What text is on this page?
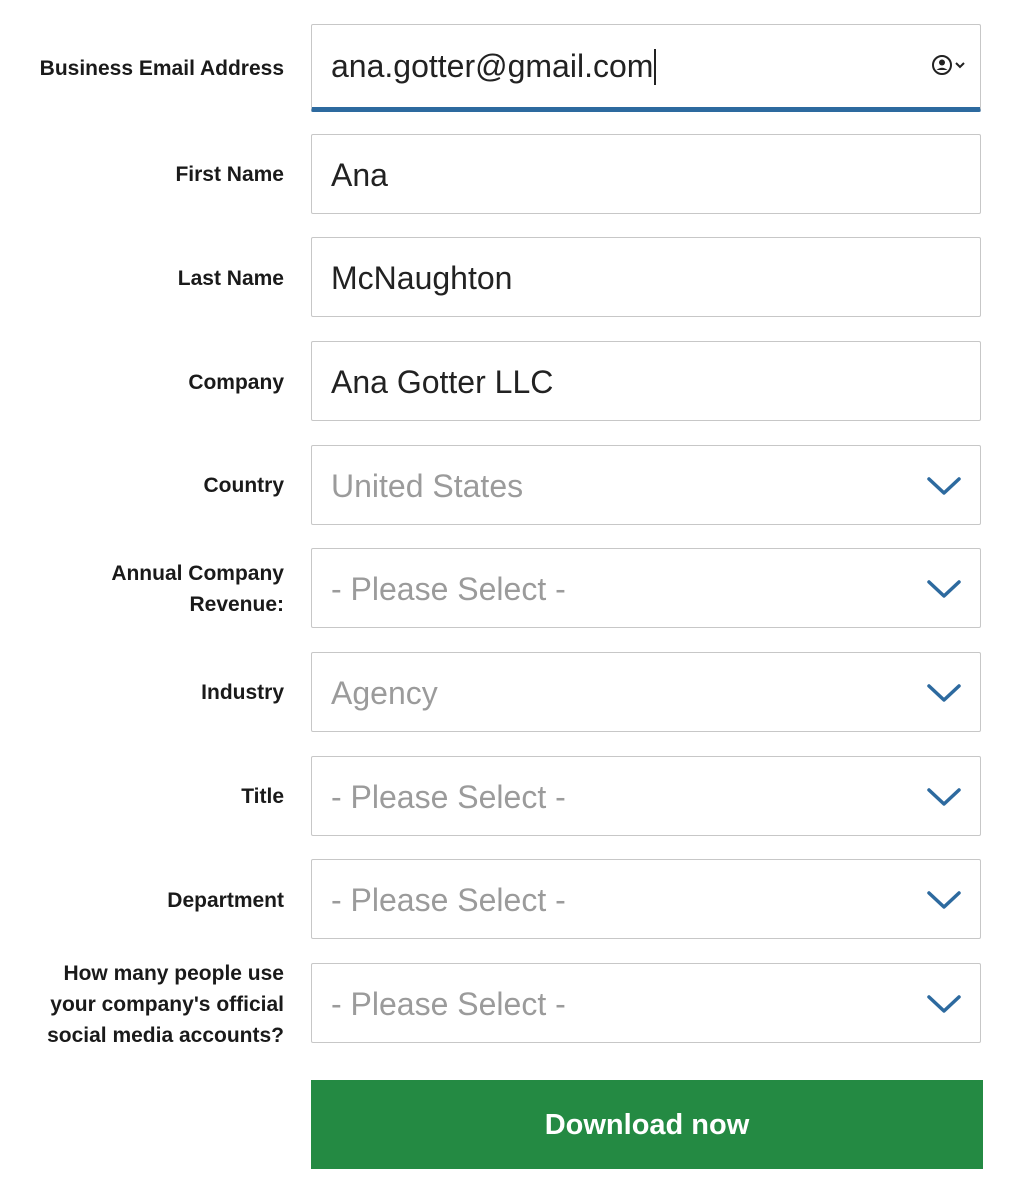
Business Email Address ana.gotter@gmail.com
First Name Ana
Last Name McNaughton
Company Ana Gotter LLC
Country United States
Annual Company
Revenue: - Please Select -
Industry Agency
Title - Please Select -
Department - Please Select -
How many people use
your company's official
social media accounts?
- Please Select -
Download now
